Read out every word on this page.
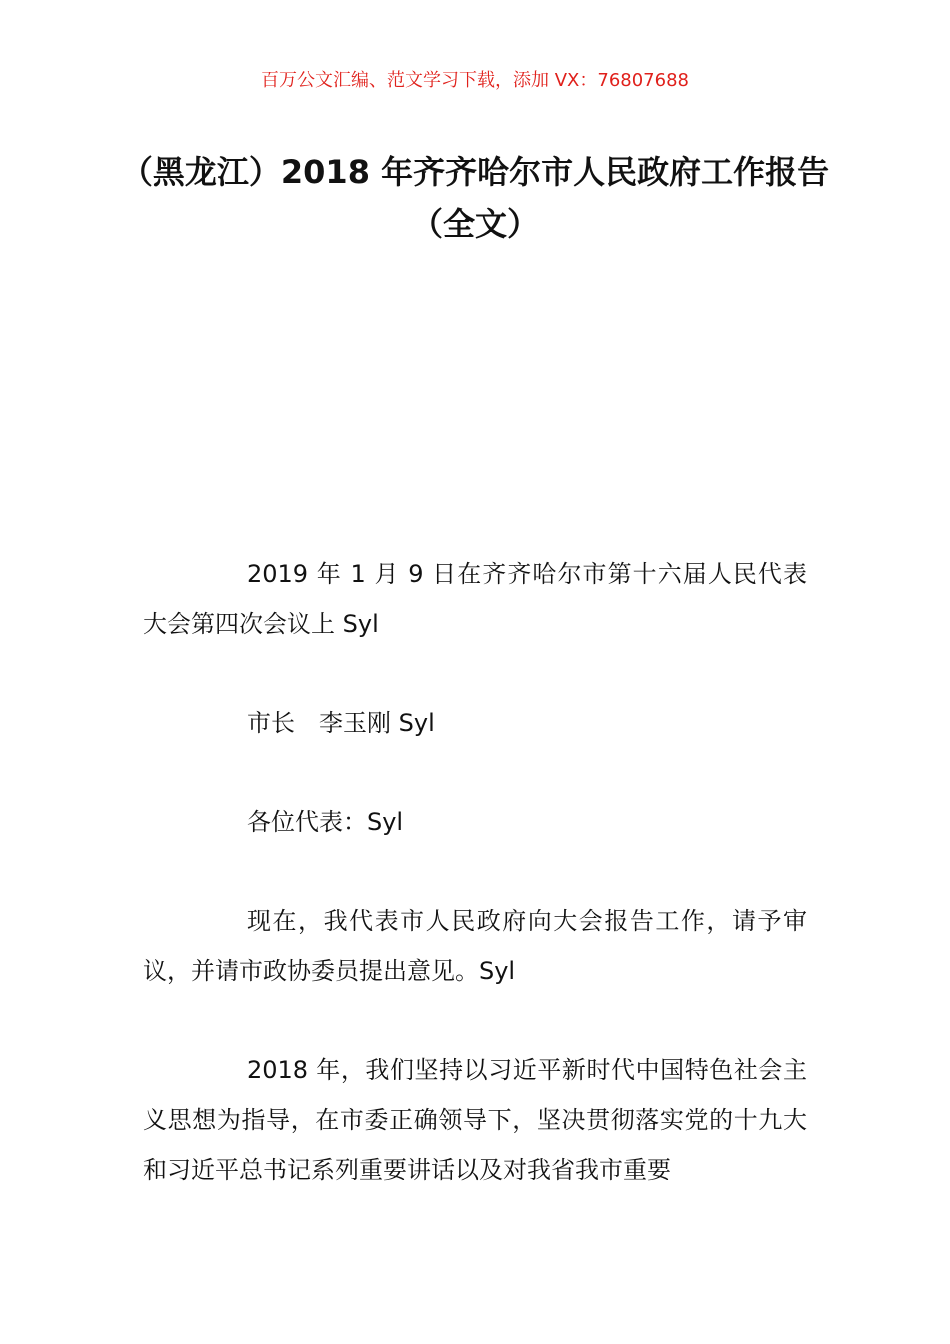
百万公文汇编、范文学习下载，添加 VX：76807688
（黑龙江）2018 年齐齐哈尔市人民政府工作报告（全文）

2019 年 1 月 9 日在齐齐哈尔市第十六届人民代表大会第四次会议上 Syl

市长　李玉刚 Syl

各位代表：Syl

现在，我代表市人民政府向大会报告工作，请予审议，并请市政协委员提出意见。Syl

2018 年，我们坚持以习近平新时代中国特色社会主义思想为指导，在市委正确领导下，坚决贯彻落实党的十九大和习近平总书记系列重要讲话以及对我省我市重要
